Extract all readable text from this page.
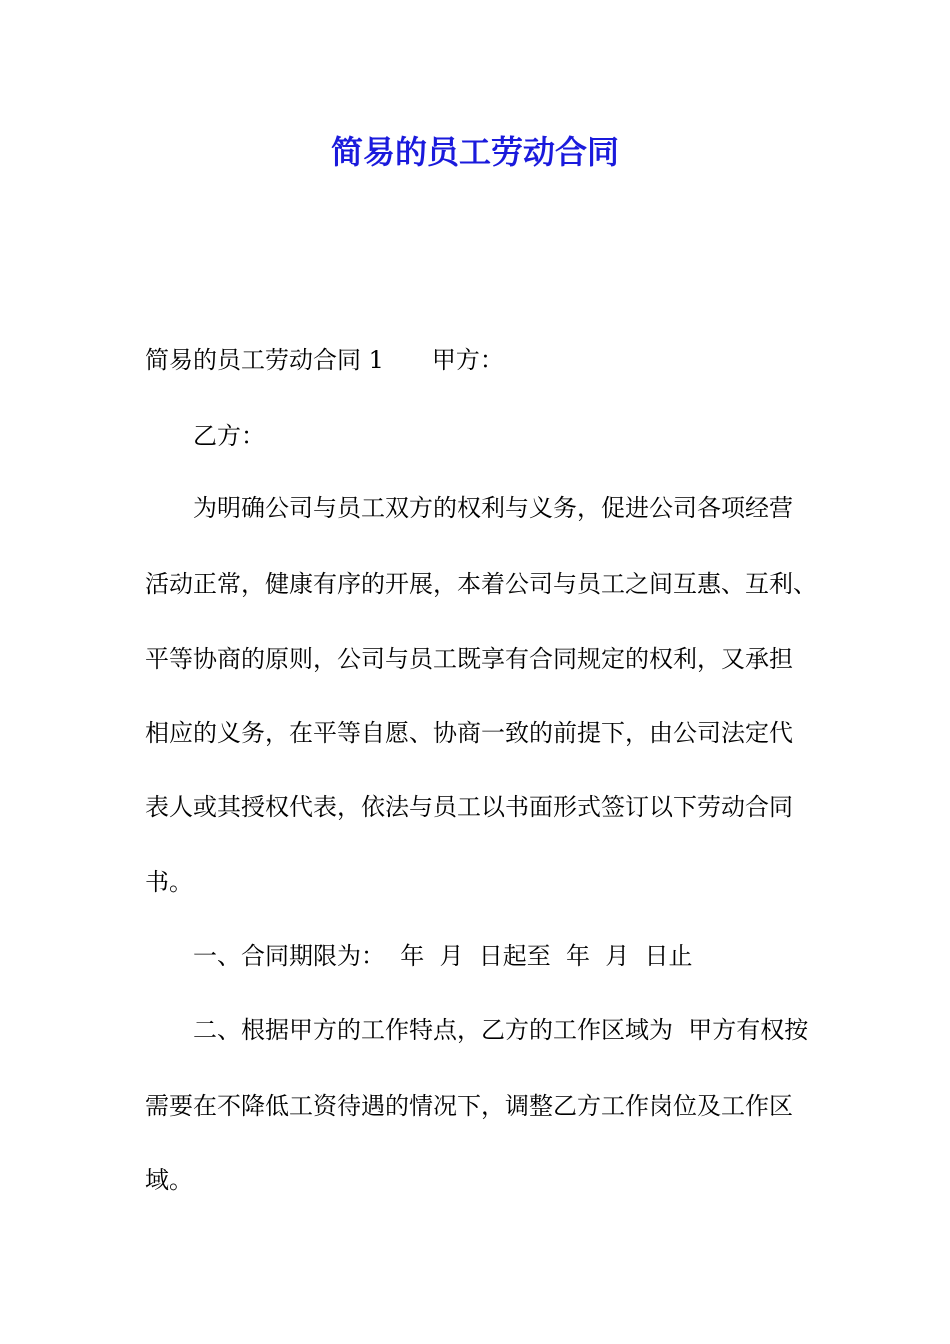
简易的员工劳动合同

简易的员工劳动合同 1 甲方：

乙方：

为明确公司与员工双方的权利与义务，促进公司各项经营

活动正常，健康有序的开展，本着公司与员工之间互惠、互利、

平等协商的原则，公司与员工既享有合同规定的权利，又承担

相应的义务，在平等自愿、协商一致的前提下，由公司法定代

表人或其授权代表，依法与员工以书面形式签订以下劳动合同

书。

一、合同期限为：  年  月  日起至  年  月  日止

二、根据甲方的工作特点，乙方的工作区域为  甲方有权按

需要在不降低工资待遇的情况下，调整乙方工作岗位及工作区

域。
